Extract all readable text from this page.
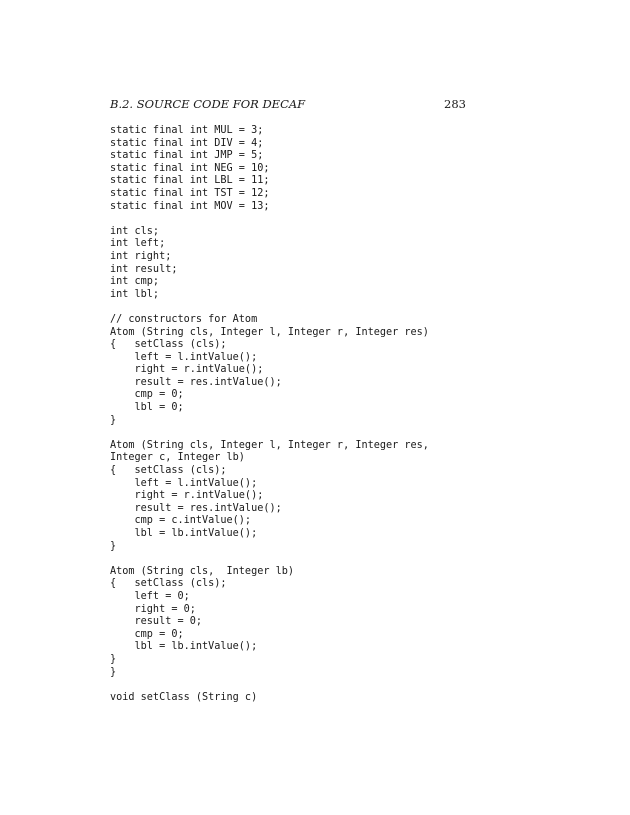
B.2. SOURCE CODE FOR DECAF	283
static final int MUL = 3;
static final int DIV = 4;
static final int JMP = 5;
static final int NEG = 10;
static final int LBL = 11;
static final int TST = 12;
static final int MOV = 13;
int cls;
int left;
int right;
int result;
int cmp;
int lbl;
// constructors for Atom
Atom (String cls, Integer l, Integer r, Integer res)
{   setClass (cls);
left = l.intValue();
right = r.intValue();
result = res.intValue();
cmp = 0;
lbl = 0;
}
Atom (String cls, Integer l, Integer r, Integer res,
Integer c, Integer lb)
{   setClass (cls);
left = l.intValue();
right = r.intValue();
result = res.intValue();
cmp = c.intValue();
lbl = lb.intValue();
}
Atom (String cls,  Integer lb)
{   setClass (cls);
left = 0;
right = 0;
result = 0;
cmp = 0;
lbl = lb.intValue();
}
}
void setClass (String c)
